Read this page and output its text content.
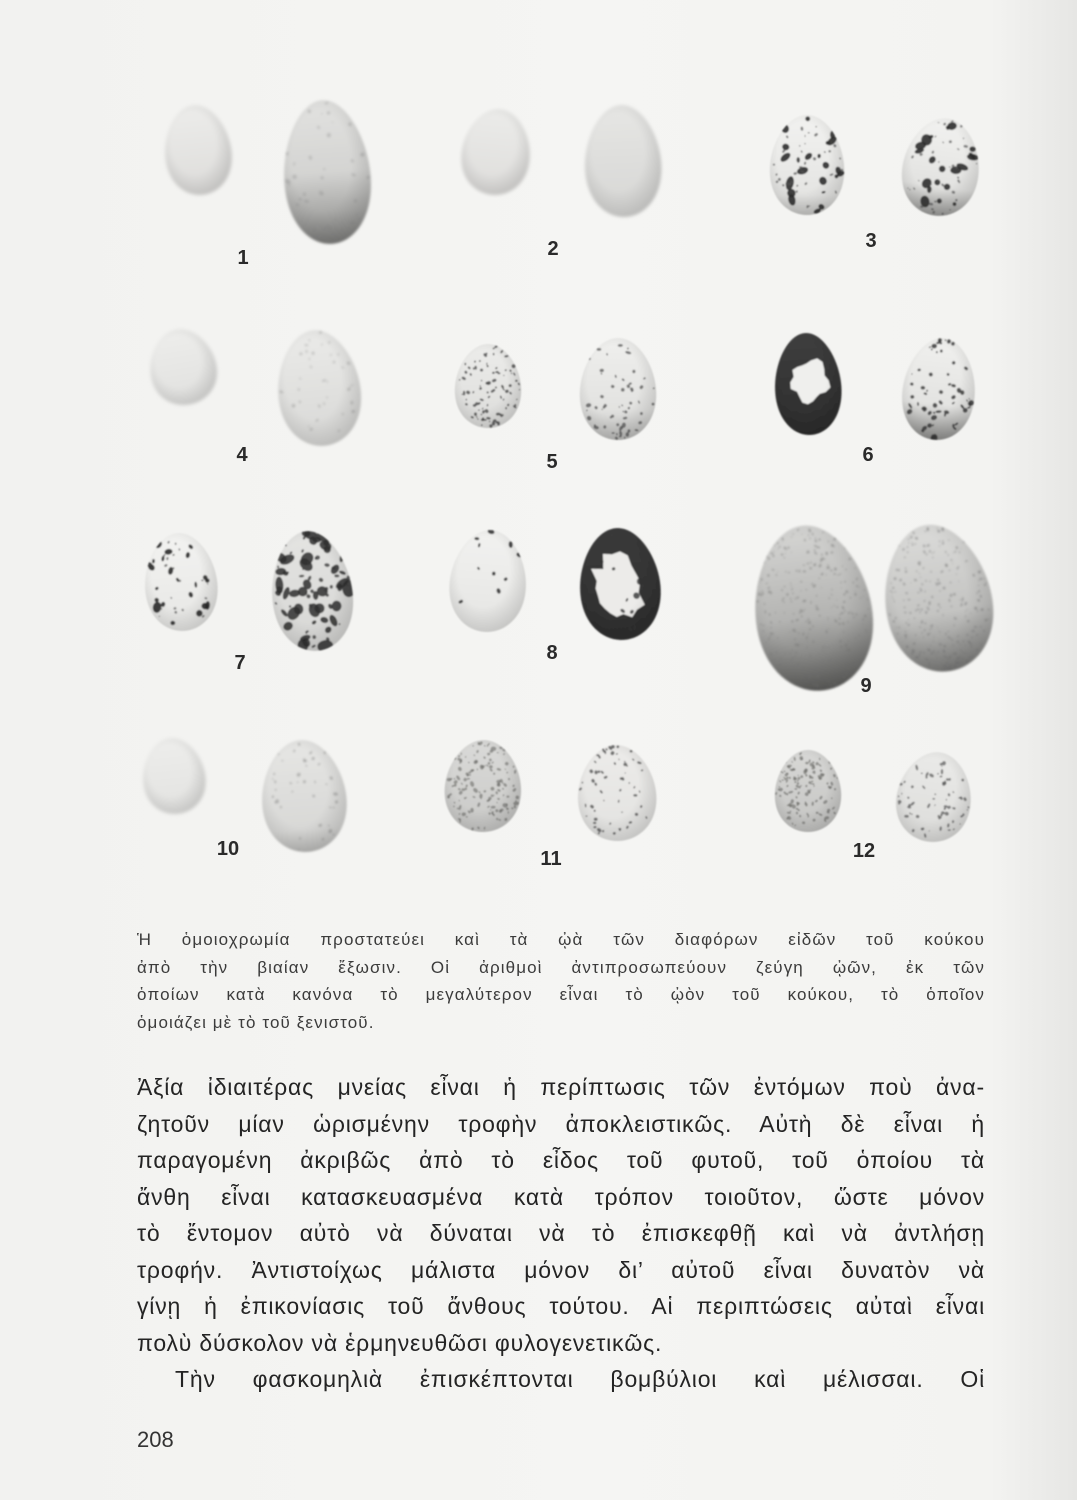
1	2	3
4	5	6
7	8
9
10	11	12
Ἡ ὁμοιοχρωμία προστατεύει καὶ τὰ ᾠὰ τῶν διαφόρων εἰδῶν τοῦ κούκου
ἀπὸ τὴν βιαίαν ἔξωσιν. Οἱ ἀριθμοὶ ἀντιπροσωπεύουν ζεύγη ᾠῶν, ἐκ τῶν
ὁποίων κατὰ κανόνα τὸ μεγαλύτερον εἶναι τὸ ᾠὸν τοῦ κούκου, τὸ ὁποῖον
ὁμοιάζει μὲ τὸ τοῦ ξενιστοῦ.
Ἀξία ἰδιαιτέρας μνείας εἶναι ἡ περίπτωσις τῶν ἐντόμων ποὺ ἀνα-
ζητοῦν μίαν ὡρισμένην τροφὴν ἀποκλειστικῶς. Αὐτὴ δὲ εἶναι ἡ
παραγομένη ἀκριβῶς ἀπὸ τὸ εἶδος τοῦ φυτοῦ, τοῦ ὁποίου τὰ
ἄνθη εἶναι κατασκευασμένα κατὰ τρόπον τοιοῦτον, ὥστε μόνον
τὸ ἔντομον αὐτὸ νὰ δύναται νὰ τὸ ἐπισκεφθῇ καὶ νὰ ἀντλήσῃ
τροφήν. Ἀντιστοίχως μάλιστα μόνον δι’ αὐτοῦ εἶναι δυνατὸν νὰ
γίνῃ ἡ ἐπικονίασις τοῦ ἄνθους τούτου. Αἱ περιπτώσεις αὐταὶ εἶναι
πολὺ δύσκολον νὰ ἑρμηνευθῶσι φυλογενετικῶς.
Τὴν φασκομηλιὰ ἐπισκέπτονται βομβύλιοι καὶ μέλισσαι. Οἱ
208
